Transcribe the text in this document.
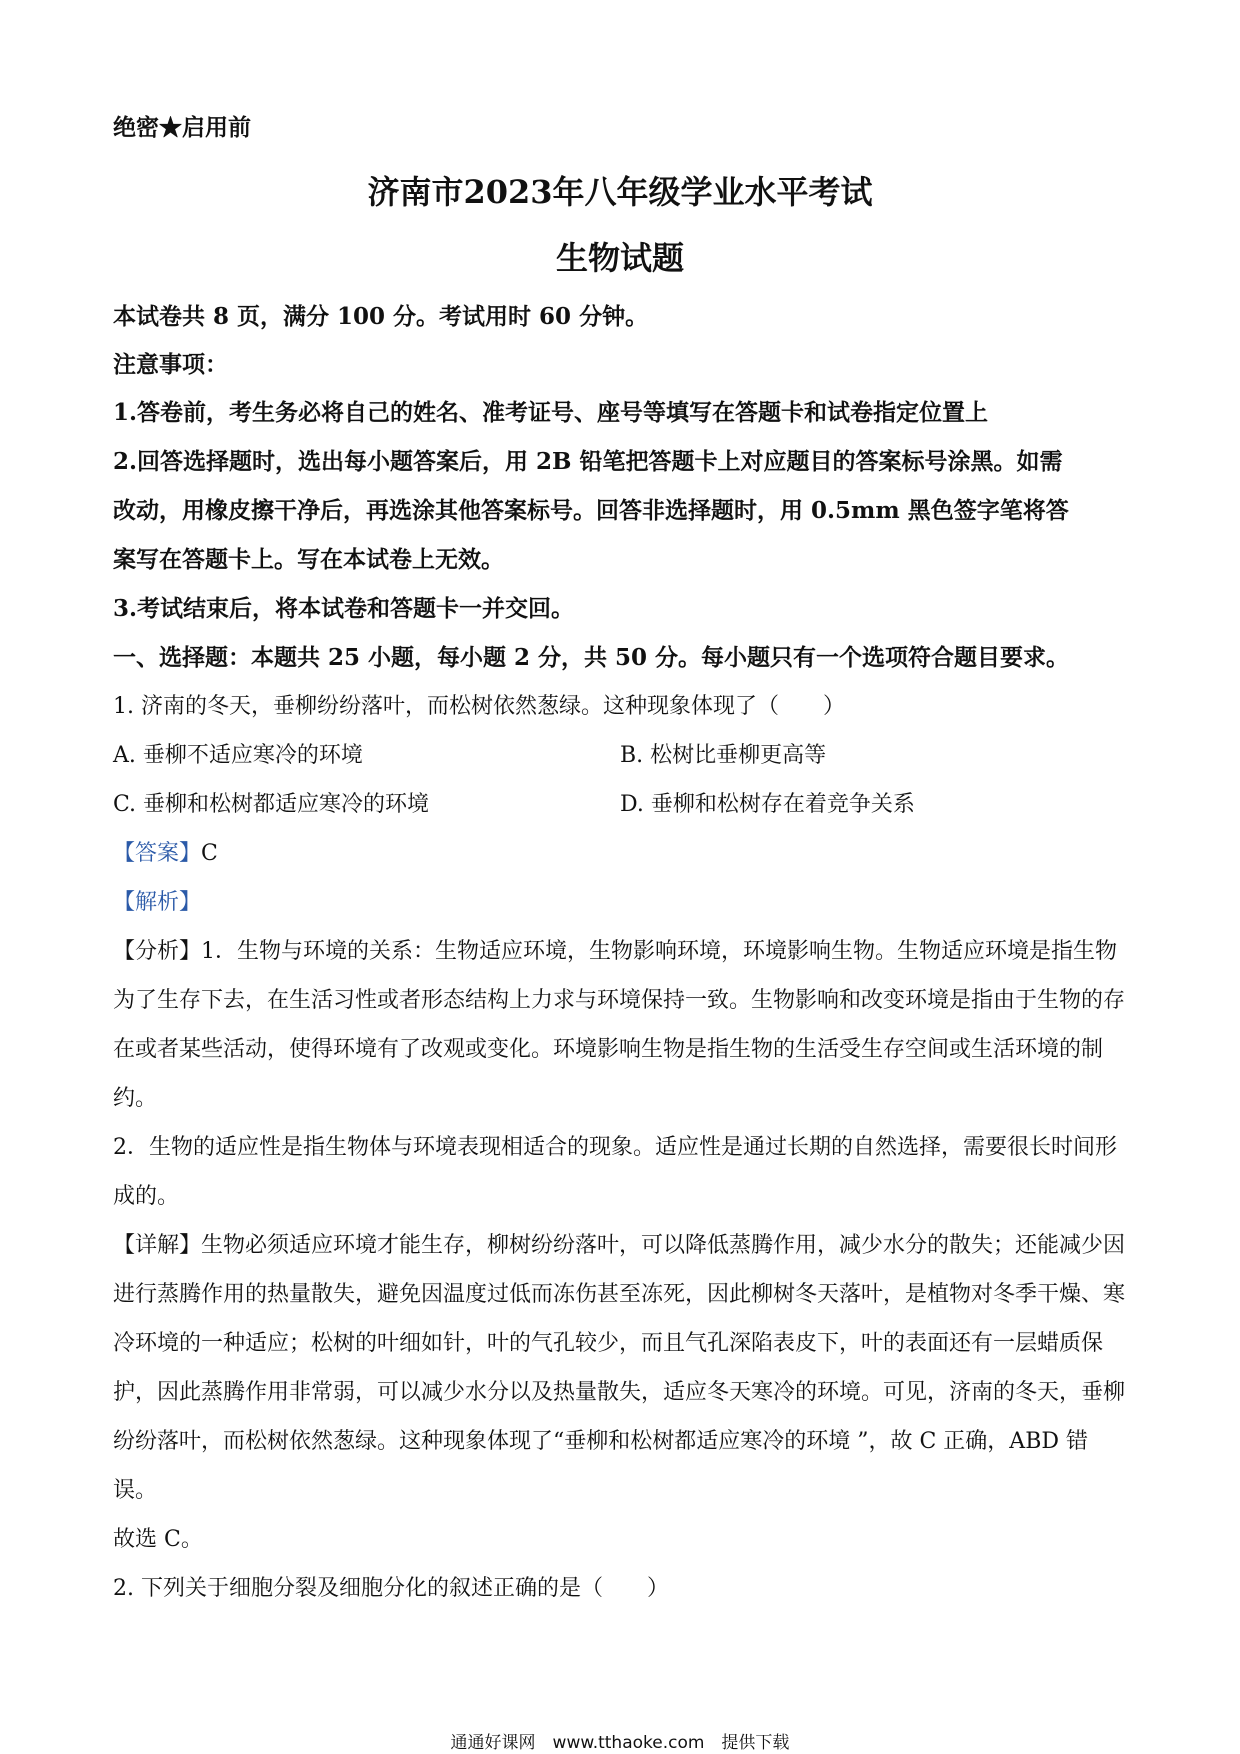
绝密★启用前
济南市2023年八年级学业水平考试
生物试题
本试卷共 8 页，满分 100 分。考试用时 60 分钟。
注意事项：
1.答卷前，考生务必将自己的姓名、准考证号、座号等填写在答题卡和试卷指定位置上
2.回答选择题时，选出每小题答案后，用 2B 铅笔把答题卡上对应题目的答案标号涂黑。如需
改动，用橡皮擦干净后，再选涂其他答案标号。回答非选择题时，用 0.5mm 黑色签字笔将答
案写在答题卡上。写在本试卷上无效。
3.考试结束后，将本试卷和答题卡一并交回。
一、选择题：本题共 25 小题，每小题 2 分，共 50 分。每小题只有一个选项符合题目要求。
1. 济南的冬天，垂柳纷纷落叶，而松树依然葱绿。这种现象体现了（　　）
A. 垂柳不适应寒冷的环境	B. 松树比垂柳更高等
C. 垂柳和松树都适应寒冷的环境	D. 垂柳和松树存在着竞争关系
【答案】C
【解析】
【分析】1．生物与环境的关系：生物适应环境，生物影响环境，环境影响生物。生物适应环境是指生物
为了生存下去，在生活习性或者形态结构上力求与环境保持一致。生物影响和改变环境是指由于生物的存
在或者某些活动，使得环境有了改观或变化。环境影响生物是指生物的生活受生存空间或生活环境的制
约。
2．生物的适应性是指生物体与环境表现相适合的现象。适应性是通过长期的自然选择，需要很长时间形
成的。
【详解】生物必须适应环境才能生存，柳树纷纷落叶，可以降低蒸腾作用，减少水分的散失；还能减少因
进行蒸腾作用的热量散失，避免因温度过低而冻伤甚至冻死，因此柳树冬天落叶，是植物对冬季干燥、寒
冷环境的一种适应；松树的叶细如针，叶的气孔较少，而且气孔深陷表皮下，叶的表面还有一层蜡质保
护，因此蒸腾作用非常弱，可以减少水分以及热量散失，适应冬天寒冷的环境。可见，济南的冬天，垂柳
纷纷落叶，而松树依然葱绿。这种现象体现了“垂柳和松树都适应寒冷的环境 ”，故 C 正确，ABD 错
误。
故选 C。
2. 下列关于细胞分裂及细胞分化的叙述正确的是（　　）
通通好课网　www.tthaoke.com　提供下载
